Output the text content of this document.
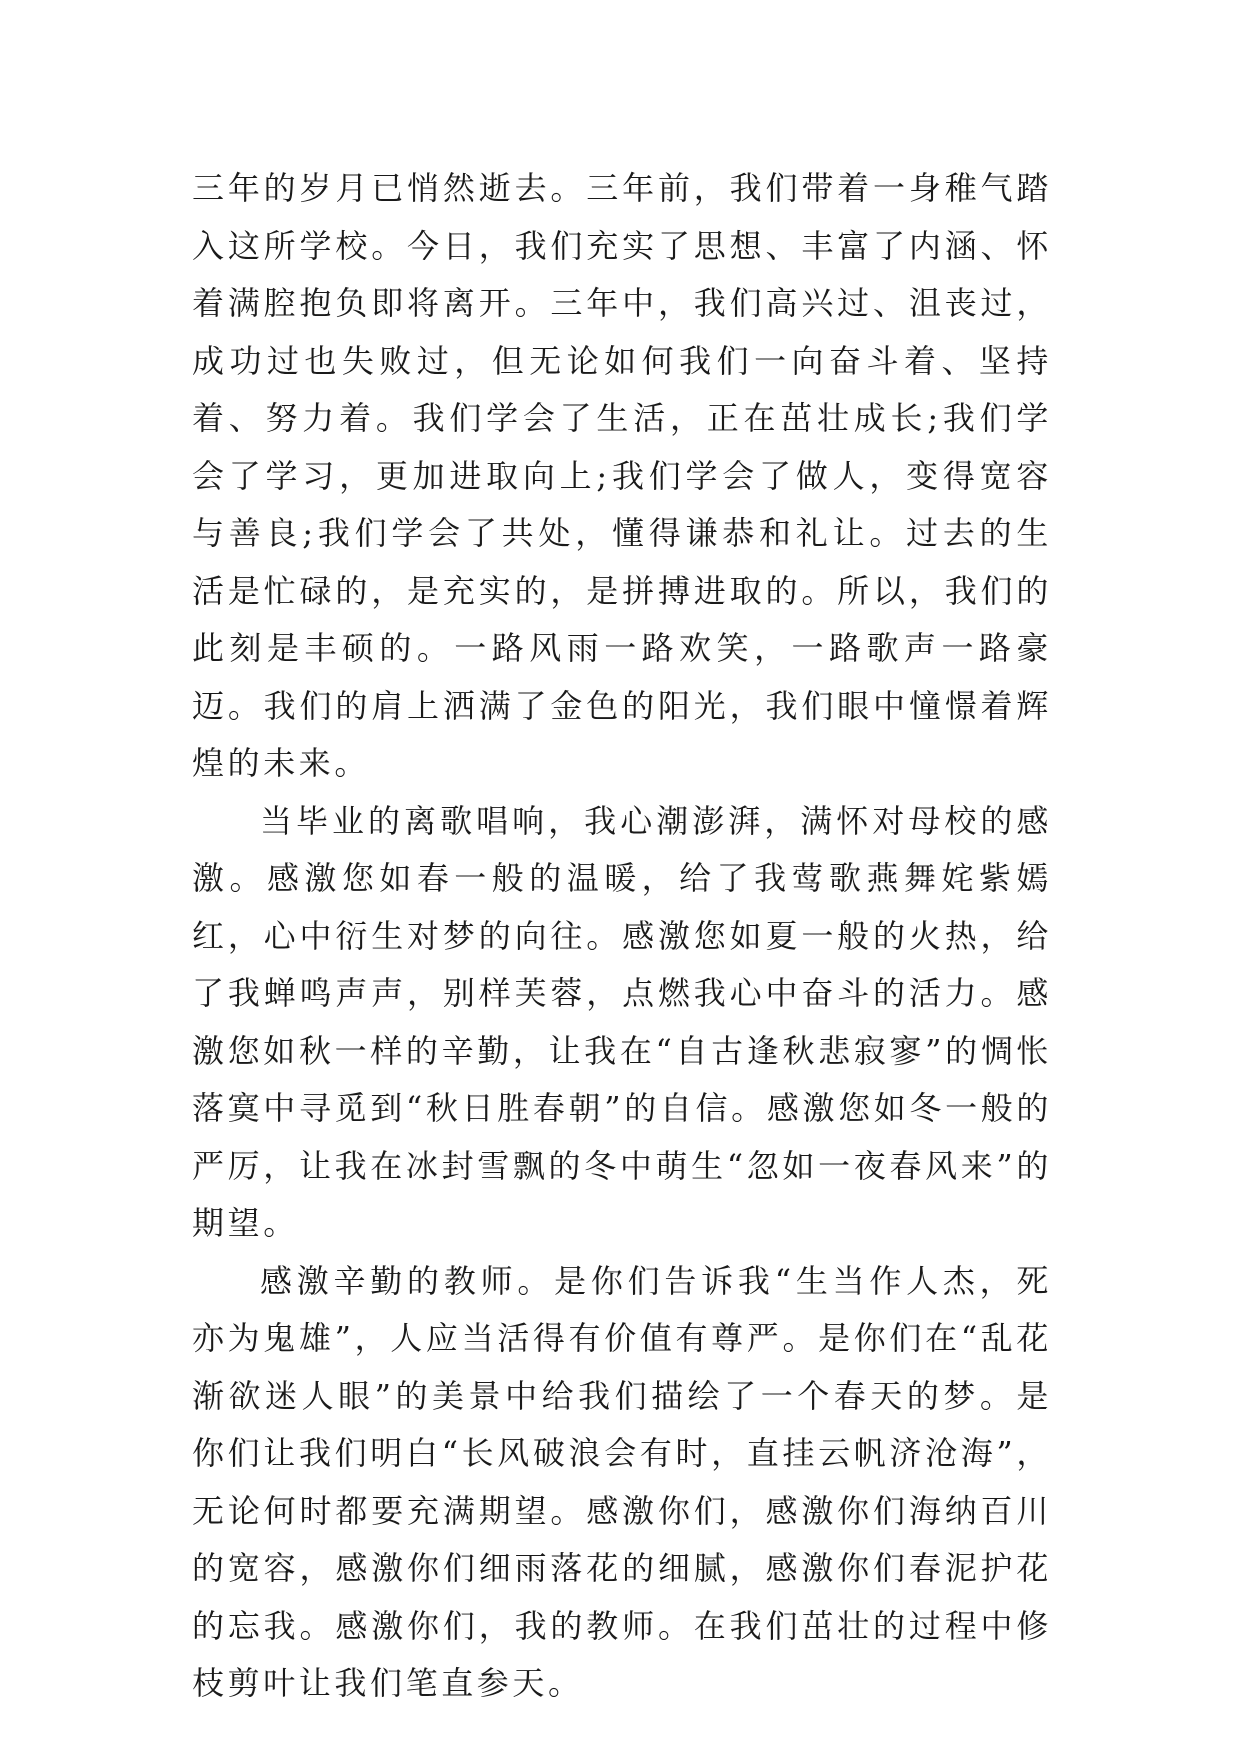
三年的岁月已悄然逝去。三年前，我们带着一身稚气踏入这所学校。今日，我们充实了思想、丰富了内涵、怀着满腔抱负即将离开。三年中，我们高兴过、沮丧过，成功过也失败过，但无论如何我们一向奋斗着、坚持着、努力着。我们学会了生活，正在茁壮成长;我们学会了学习，更加进取向上;我们学会了做人，变得宽容与善良;我们学会了共处，懂得谦恭和礼让。过去的生活是忙碌的，是充实的，是拼搏进取的。所以，我们的此刻是丰硕的。一路风雨一路欢笑，一路歌声一路豪迈。我们的肩上洒满了金色的阳光，我们眼中憧憬着辉煌的未来。

当毕业的离歌唱响，我心潮澎湃，满怀对母校的感激。感激您如春一般的温暖，给了我莺歌燕舞姹紫嫣红，心中衍生对梦的向往。感激您如夏一般的火热，给了我蝉鸣声声，别样芙蓉，点燃我心中奋斗的活力。感激您如秋一样的辛勤，让我在“自古逢秋悲寂寥”的惆怅落寞中寻觅到“秋日胜春朝”的自信。感激您如冬一般的严厉，让我在冰封雪飘的冬中萌生“忽如一夜春风来”的期望。

感激辛勤的教师。是你们告诉我“生当作人杰，死亦为鬼雄”，人应当活得有价值有尊严。是你们在“乱花渐欲迷人眼”的美景中给我们描绘了一个春天的梦。是你们让我们明白“长风破浪会有时，直挂云帆济沧海”，无论何时都要充满期望。感激你们，感激你们海纳百川的宽容，感激你们细雨落花的细腻，感激你们春泥护花的忘我。感激你们，我的教师。在我们茁壮的过程中修枝剪叶让我们笔直参天。
